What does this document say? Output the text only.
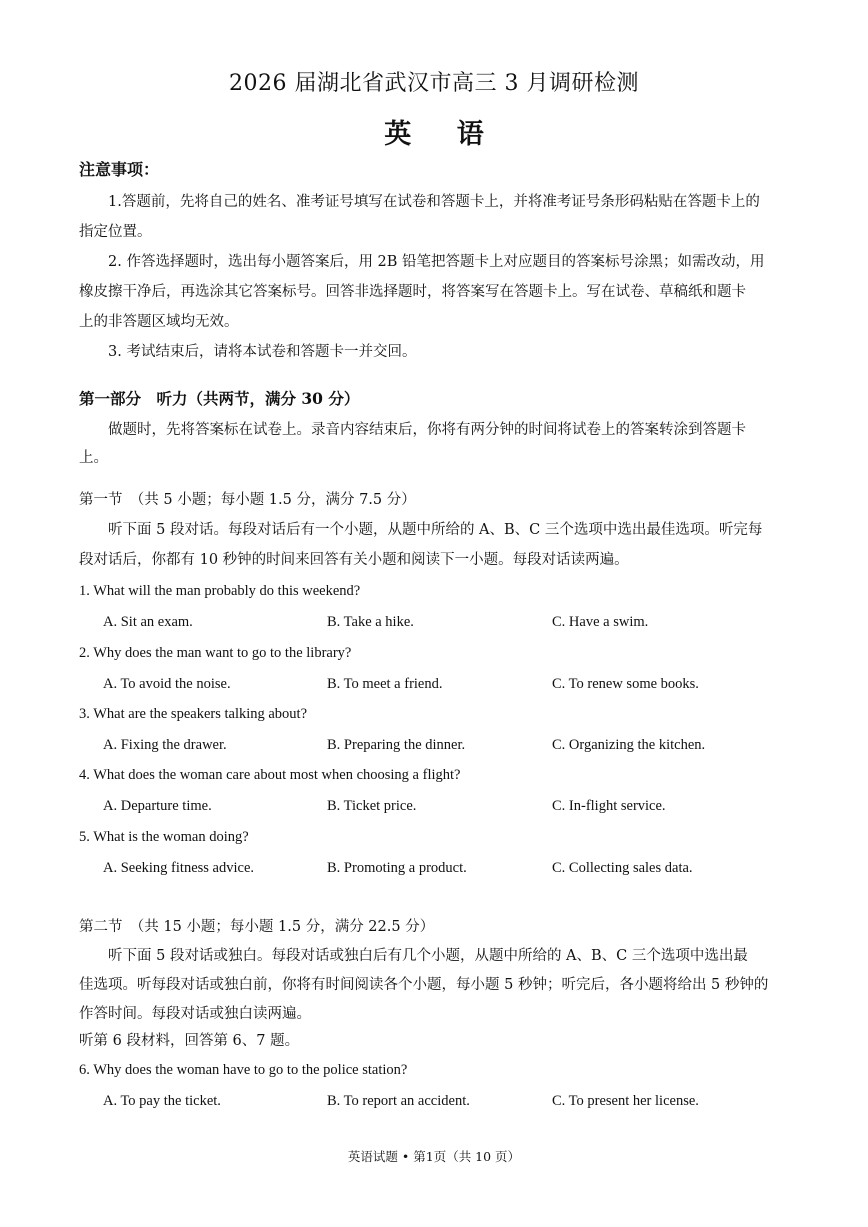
2026 届湖北省武汉市高三 3 月调研检测
英 语
注意事项：
1.答题前，先将自己的姓名、准考证号填写在试卷和答题卡上，并将准考证号条形码粘贴在答题卡上的
指定位置。
2. 作答选择题时，选出每小题答案后，用 2B 铅笔把答题卡上对应题目的答案标号涂黑；如需改动，用
橡皮擦干净后，再选涂其它答案标号。回答非选择题时，将答案写在答题卡上。写在试卷、草稿纸和题卡
上的非答题区域均无效。
3. 考试结束后，请将本试卷和答题卡一并交回。
第一部分　听力（共两节，满分 30 分）
做题时，先将答案标在试卷上。录音内容结束后，你将有两分钟的时间将试卷上的答案转涂到答题卡
上。
第一节　（共 5 小题；每小题 1.5 分，满分 7.5 分）
听下面 5 段对话。每段对话后有一个小题，从题中所给的 A、B、C 三个选项中选出最佳选项。听完每
段对话后，你都有 10 秒钟的时间来回答有关小题和阅读下一小题。每段对话读两遍。
1. What will the man probably do this weekend?
A. Sit an exam.	B. Take a hike.	C. Have a swim.
2. Why does the man want to go to the library?
A. To avoid the noise.	B. To meet a friend.	C. To renew some books.
3. What are the speakers talking about?
A. Fixing the drawer.	B. Preparing the dinner.	C. Organizing the kitchen.
4. What does the woman care about most when choosing a flight?
A. Departure time.	B. Ticket price.	C. In-flight service.
5. What is the woman doing?
A. Seeking fitness advice.	B. Promoting a product.	C. Collecting sales data.
第二节　（共 15 小题；每小题 1.5 分，满分 22.5 分）
听下面 5 段对话或独白。每段对话或独白后有几个小题，从题中所给的 A、B、C 三个选项中选出最
佳选项。听每段对话或独白前，你将有时间阅读各个小题，每小题 5 秒钟；听完后，各小题将给出 5 秒钟的
作答时间。每段对话或独白读两遍。
听第 6 段材料，回答第 6、7 题。
6. Why does the woman have to go to the police station?
A. To pay the ticket.	B. To report an accident.	C. To present her license.
英语试题 • 第1页（共 10 页）
